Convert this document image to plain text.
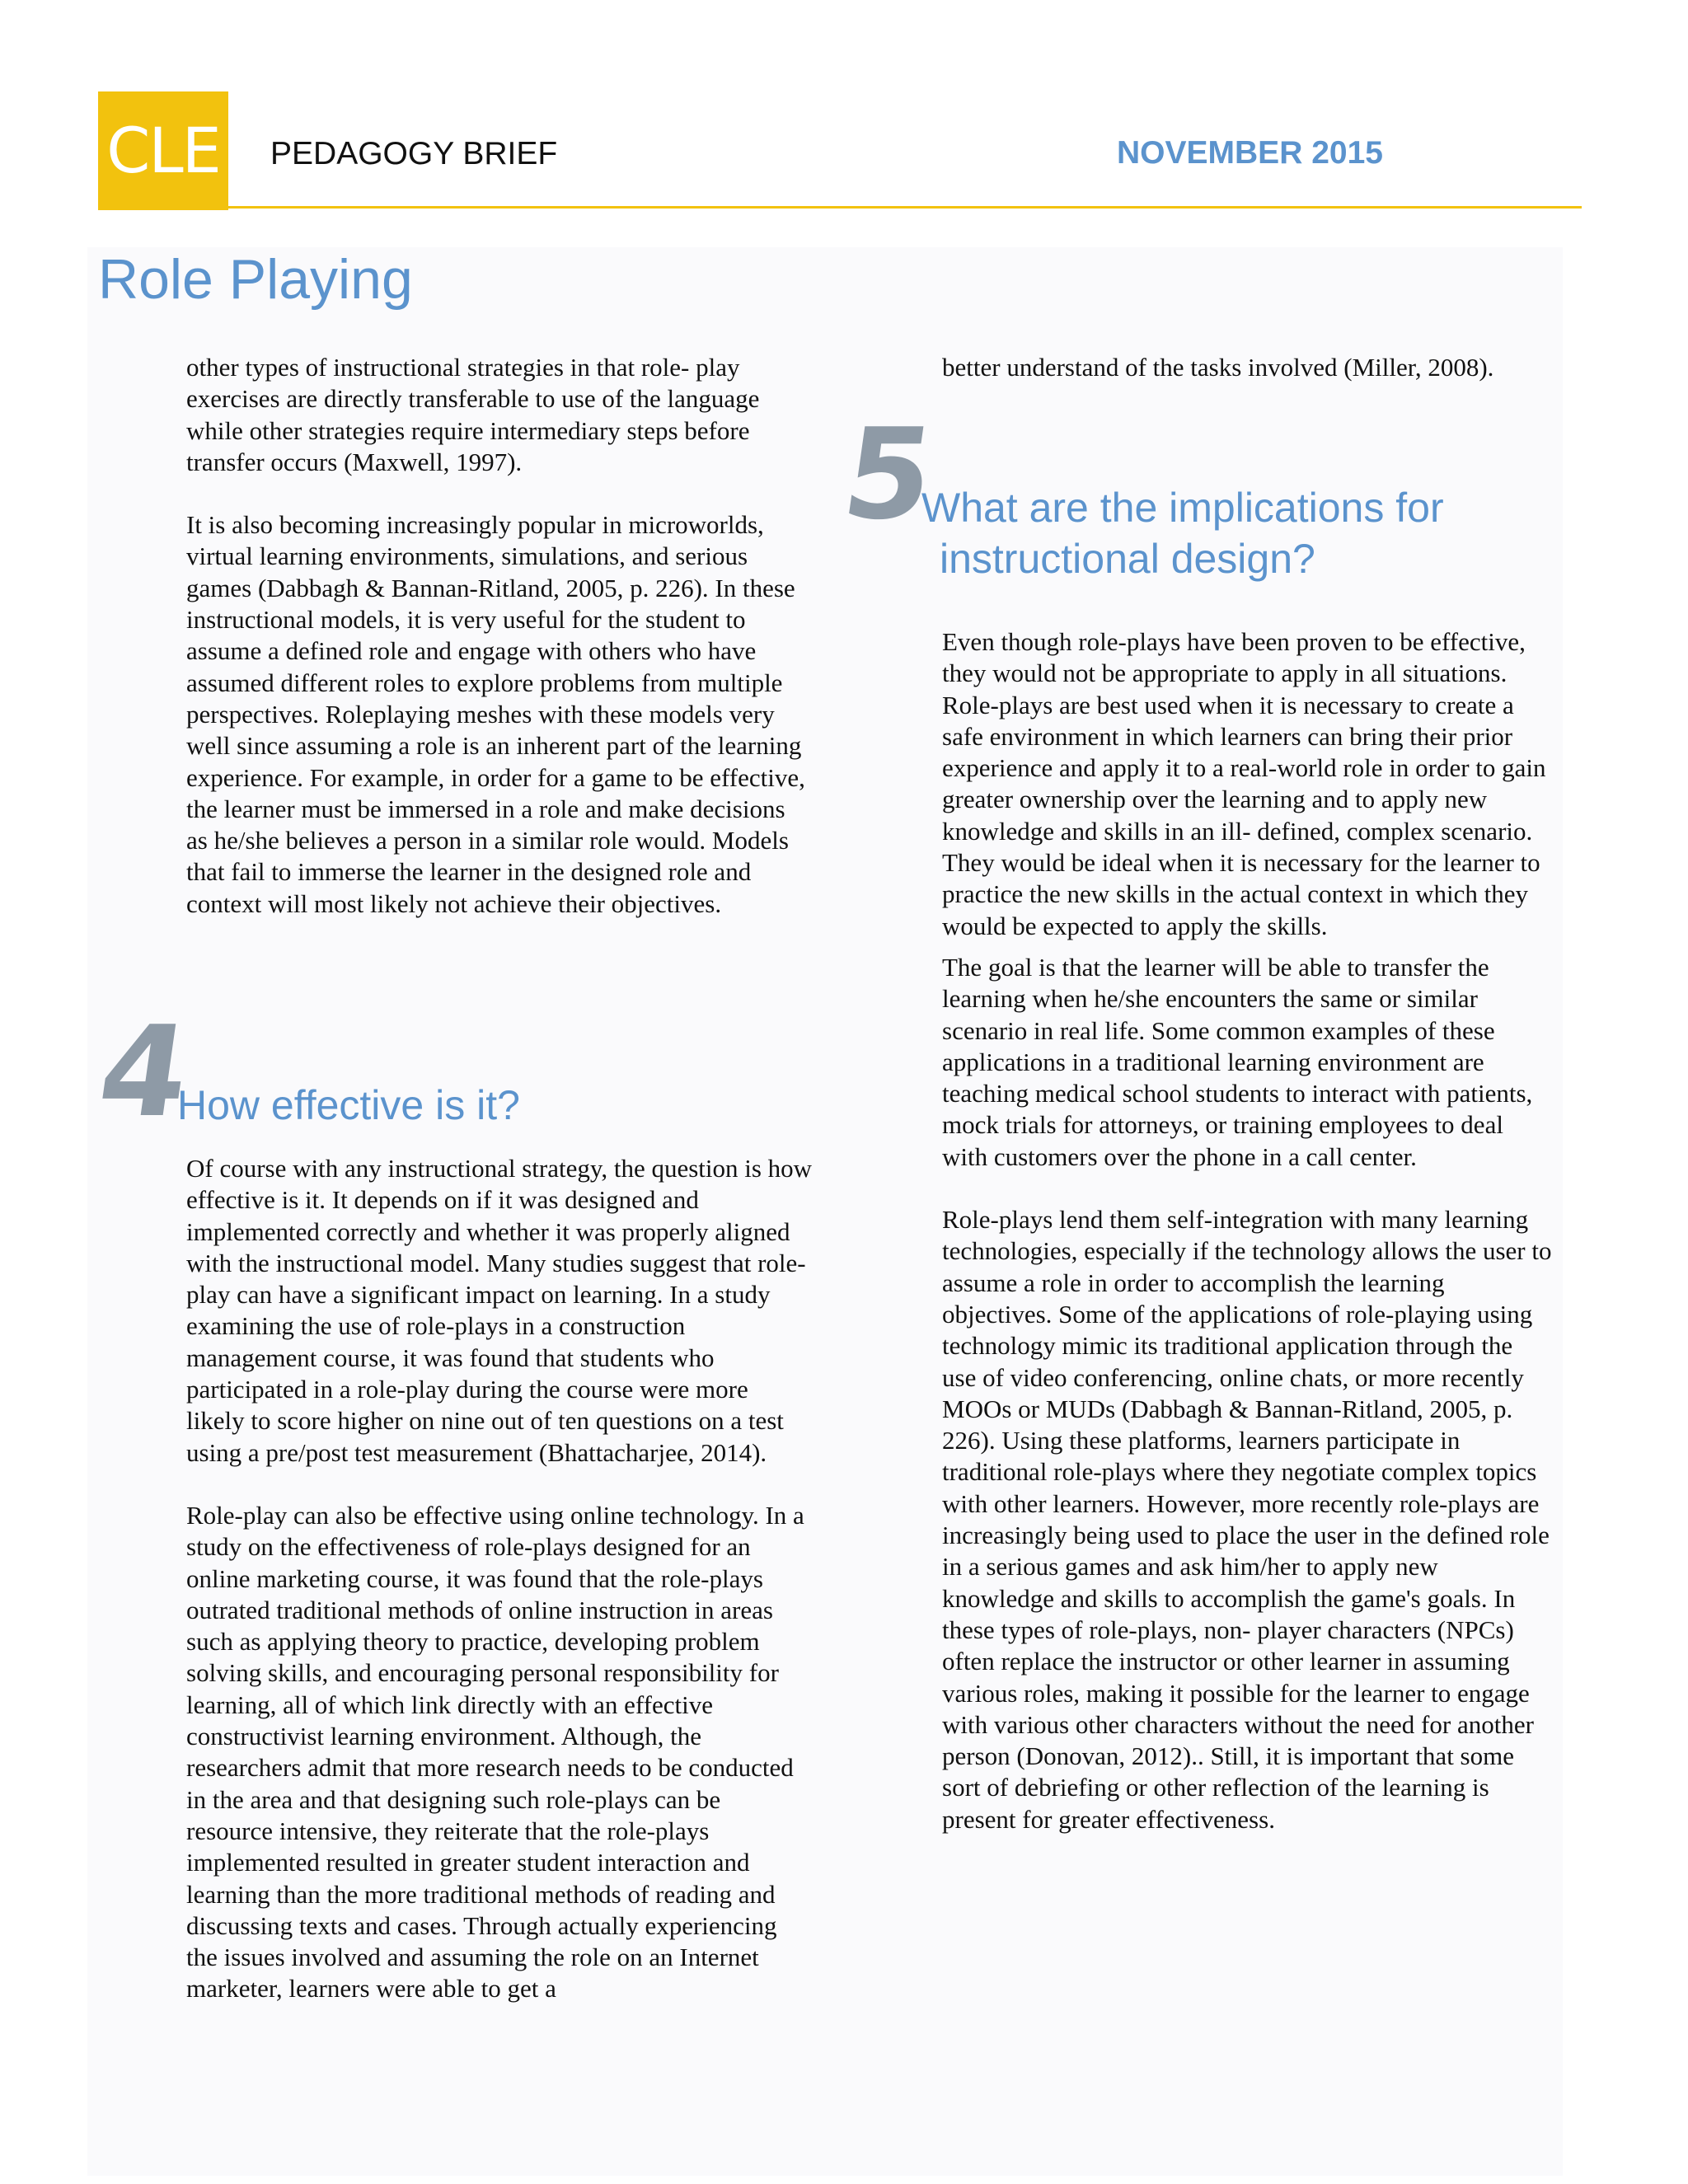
CLE PEDAGOGY BRIEF	NOVEMBER 2015
Role Playing

other types of instructional strategies in that role- play exercises are directly transferable to use of the language while other strategies require intermediary steps before transfer occurs (Maxwell, 1997).

It is also becoming increasingly popular in microworlds, virtual learning environments, simulations, and serious games (Dabbagh & Bannan-Ritland, 2005, p. 226). In these instructional models, it is very useful for the student to assume a defined role and engage with others who have assumed different roles to explore problems from multiple perspectives. Roleplaying meshes with these models very well since assuming a role is an inherent part of the learning experience. For example, in order for a game to be effective, the learner must be immersed in a role and make decisions as he/she believes a person in a similar role would. Models that fail to immerse the learner in the designed role and context will most likely not achieve their objectives.

4
How effective is it?

Of course with any instructional strategy, the question is how effective is it. It depends on if it was designed and implemented correctly and whether it was properly aligned with the instructional model. Many studies suggest that role-play can have a significant impact on learning. In a study examining the use of role-plays in a construction management course, it was found that students who participated in a role-play during the course were more likely to score higher on nine out of ten questions on a test using a pre/post test measurement (Bhattacharjee, 2014).

Role-play can also be effective using online technology. In a study on the effectiveness of role-plays designed for an online marketing course, it was found that the role-plays outrated traditional methods of online instruction in areas such as applying theory to practice, developing problem solving skills, and encouraging personal responsibility for learning, all of which link directly with an effective constructivist learning environment. Although, the researchers admit that more research needs to be conducted in the area and that designing such role-plays can be resource intensive, they reiterate that the role-plays implemented resulted in greater student interaction and learning than the more traditional methods of reading and discussing texts and cases. Through actually experiencing the issues involved and assuming the role on an Internet marketer, learners were able to get a

better understand of the tasks involved (Miller, 2008).

5
What are the implications for
instructional design?

Even though role-plays have been proven to be effective, they would not be appropriate to apply in all situations. Role-plays are best used when it is necessary to create a safe environment in which learners can bring their prior experience and apply it to a real-world role in order to gain greater ownership over the learning and to apply new knowledge and skills in an ill- defined, complex scenario. They would be ideal when it is necessary for the learner to practice the new skills in the actual context in which they would be expected to apply the skills.

The goal is that the learner will be able to transfer the learning when he/she encounters the same or similar scenario in real life. Some common examples of these applications in a traditional learning environment are teaching medical school students to interact with patients, mock trials for attorneys, or training employees to deal with customers over the phone in a call center.

Role-plays lend them self-integration with many learning technologies, especially if the technology allows the user to assume a role in order to accomplish the learning objectives. Some of the applications of role-playing using technology mimic its traditional application through the use of video conferencing, online chats, or more recently MOOs or MUDs (Dabbagh & Bannan-Ritland, 2005, p. 226). Using these platforms, learners participate in traditional role-plays where they negotiate complex topics with other learners. However, more recently role-plays are increasingly being used to place the user in the defined role in a serious games and ask him/her to apply new knowledge and skills to accomplish the game's goals. In these types of role-plays, non- player characters (NPCs) often replace the instructor or other learner in assuming various roles, making it possible for the learner to engage with various other characters without the need for another person (Donovan, 2012).. Still, it is important that some sort of debriefing or other reflection of the learning is present for greater effectiveness.
